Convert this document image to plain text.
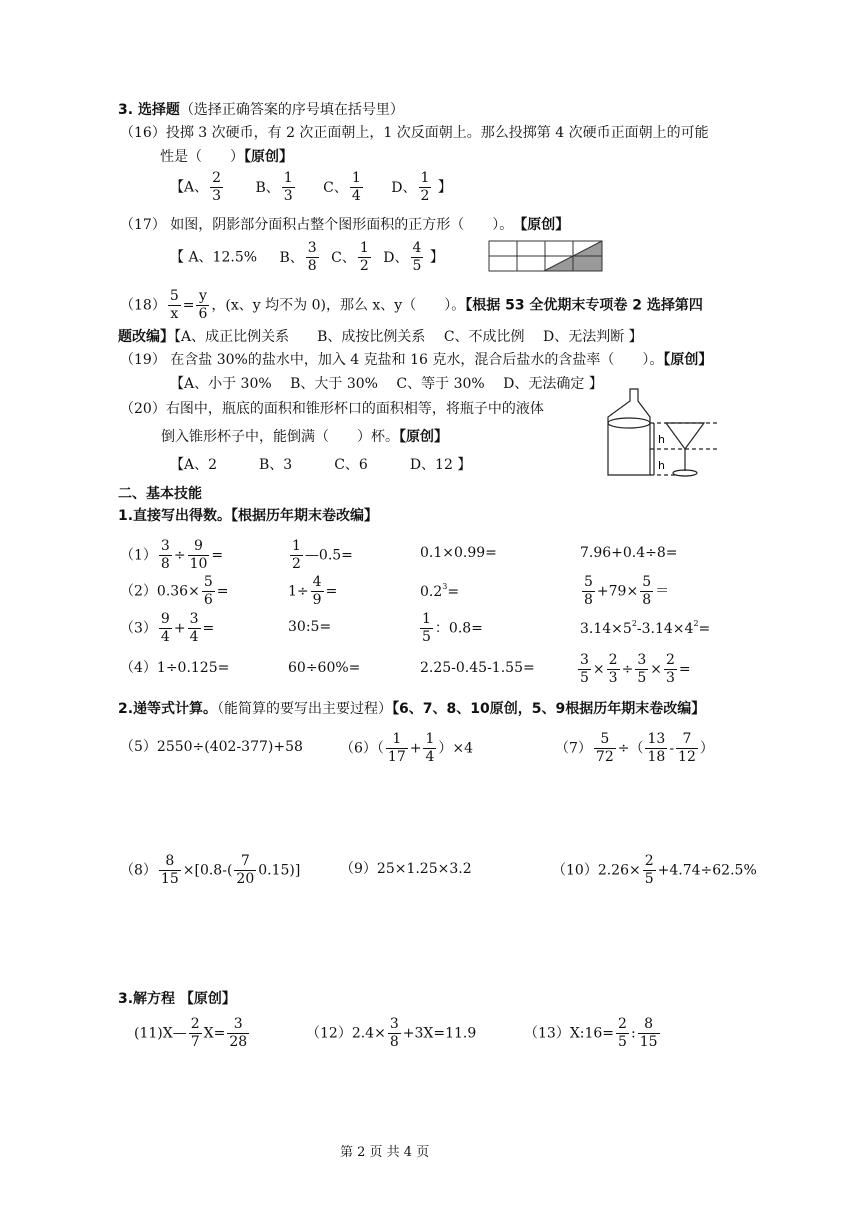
3. 选择题（选择正确答案的序号填在括号里）
（16）投掷 3 次硬币，有 2 次正面朝上，1 次反面朝上。那么投掷第 4 次硬币正面朝上的可能
性是（　　）【原创】
【A、 $\frac{2}{3}$ B、 $\frac{1}{3}$ C、 $\frac{1}{4}$ D、 $\frac{1}{2}$ 】
（17） 如图，阴影部分面积占整个图形面积的正方形（　　）。　 【原创】
【 A、12.5% B、 $\frac{3}{8}$ C、 $\frac{1}{2}$ D、 $\frac{4}{5}$ 】
$(18) \frac{5}{x} = \frac{y}{6}$ ，(x、y 均不为 0)，那么 x、y（　　）。【根据 53 全优期末专项卷 2 选择第四
题改编】【A、成正比例关系　　B、成按比例关系　 C、不成比例　 D、无法判断 】
（19） 在含盐 30%的盐水中，加入 4 克盐和 16 克水，混合后盐水的含盐率（　　）。【原创】
【A、小于 30%　 B、大于 30%　 C、等于 30%　 D、无法确定 】
（20）右图中，瓶底的面积和锥形杯口的面积相等，将瓶子中的液体
倒入锥形杯子中，能倒满（　　）杯。【原创】
【A、2　　　B、3　　　C、6　　　D、12 】
h
h
二、基本技能
1.直接写出得数。【根据历年期末卷改编】
$(1) \frac{3}{8} \div \frac{9}{10}$ =	$\frac{1}{2}$ —0.5=	0.1×0.99=	7.96+0.4÷8=
$(2)0.36\times \frac{5}{6}$ =	$1\div \frac{4}{9}$ =	$0.2^3=$	$\frac{5}{8} +79\times \frac{5}{8}$ ＝
$(3) \frac{9}{4} + \frac{3}{4}$ =	30:5=	$\frac{1}{5}$ ：0.8=	$3.14\times 5^2-3.14\times 4^2=$
（4）1÷0.125=	60÷60%=	2.25-0.45-1.55=	$\frac{3}{5} \times \frac{2}{3} \div \frac{3}{5} \times \frac{2}{3}$ =
2.递等式计算。（能简算的要写出主要过程）【6、7、8、10原创，5、9根据历年期末卷改编】
（5）2550÷(402-377)+58	$(6)( \frac{1}{17} + \frac{1}{4} )\times 4$	$(7) \frac{5}{72}$ ÷（ $\frac{13}{18} - \frac{7}{12}$ ）
$(8) \frac{8}{15} \times[0.8-( \frac{7}{20} 0.15)]$	（9）25×1.25×3.2	$(10)2.26\times \frac{2}{5} +4.74\div 62.5\%$
3.解方程 【原创】
(11)X— $\frac{2}{7} X= \frac{3}{28}$	$(12)2.4\times \frac{3}{8} +3X=11.9$	（13）X:16= $\frac{2}{5}$ : $\frac{8}{15}$
第 2 页 共 4 页
